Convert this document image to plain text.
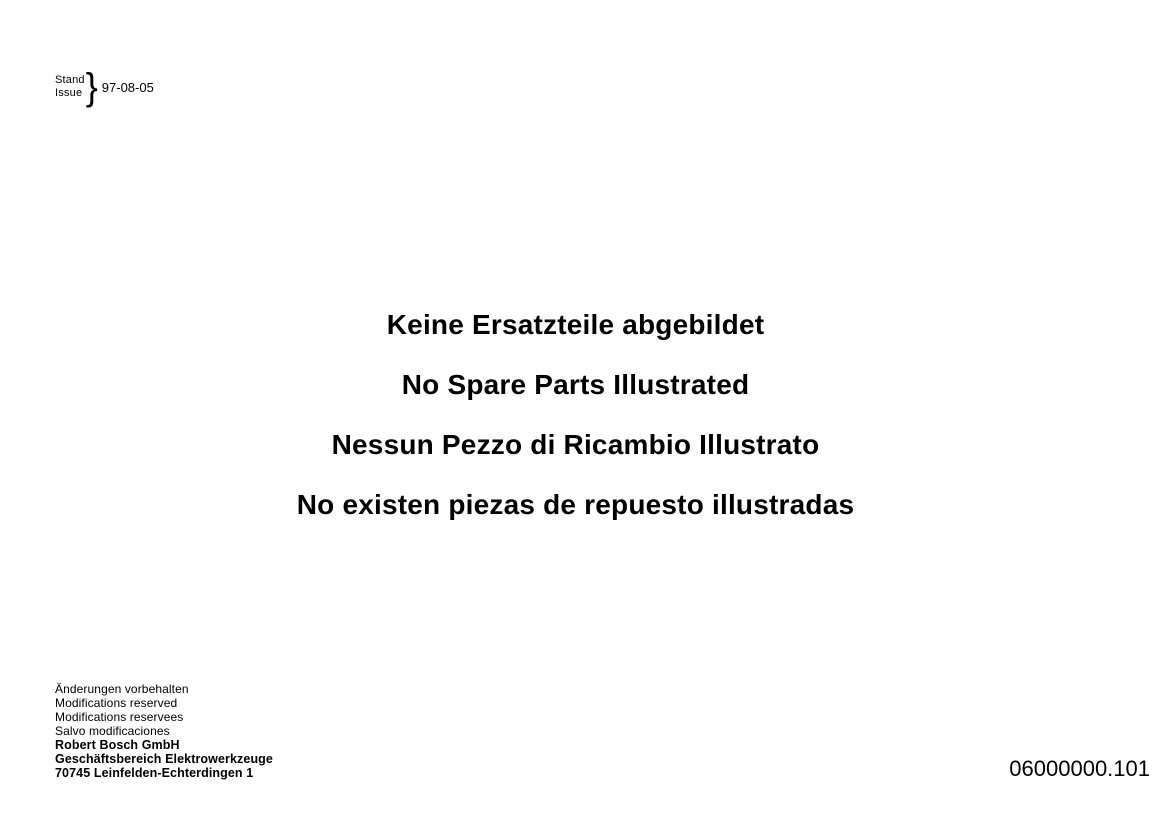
Stand
Issue } 97-08-05
Keine Ersatzteile abgebildet
No Spare Parts Illustrated
Nessun Pezzo di Ricambio Illustrato
No existen piezas de repuesto illustradas
Änderungen vorbehalten
Modifications reserved
Modifications reservees
Salvo modificaciones
Robert Bosch GmbH
Geschäftsbereich Elektrowerkzeuge
70745 Leinfelden-Echterdingen 1	06000000.101
